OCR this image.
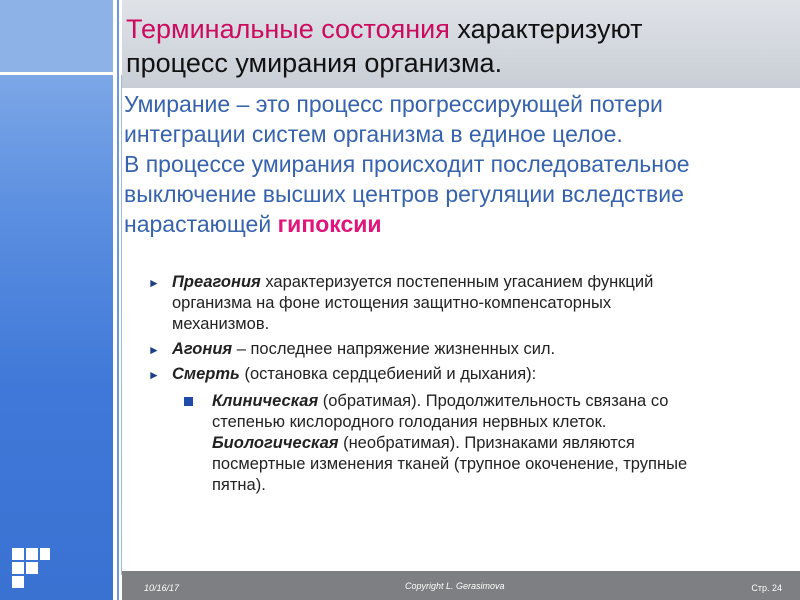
Терминальные состояния характеризуют
процесс умирания организма.
Умирание – это процесс прогрессирующей потери интеграции систем организма в единое целое.
В процессе умирания происходит последовательное выключение высших центров регуляции вследствие нарастающей гипоксии
► Преагония характеризуется постепенным угасанием функций организма на фоне истощения защитно-компенсаторных механизмов.
► Агония – последнее напряжение жизненных сил.
► Смерть (остановка сердцебиений и дыхания):
Клиническая (обратимая). Продолжительность связана со степенью кислородного голодания нервных клеток.
Биологическая (необратимая). Признаками являются посмертные изменения тканей (трупное окоченение, трупные пятна).
10/16/17	Copyright L. Gerasimova	Стр. 24
